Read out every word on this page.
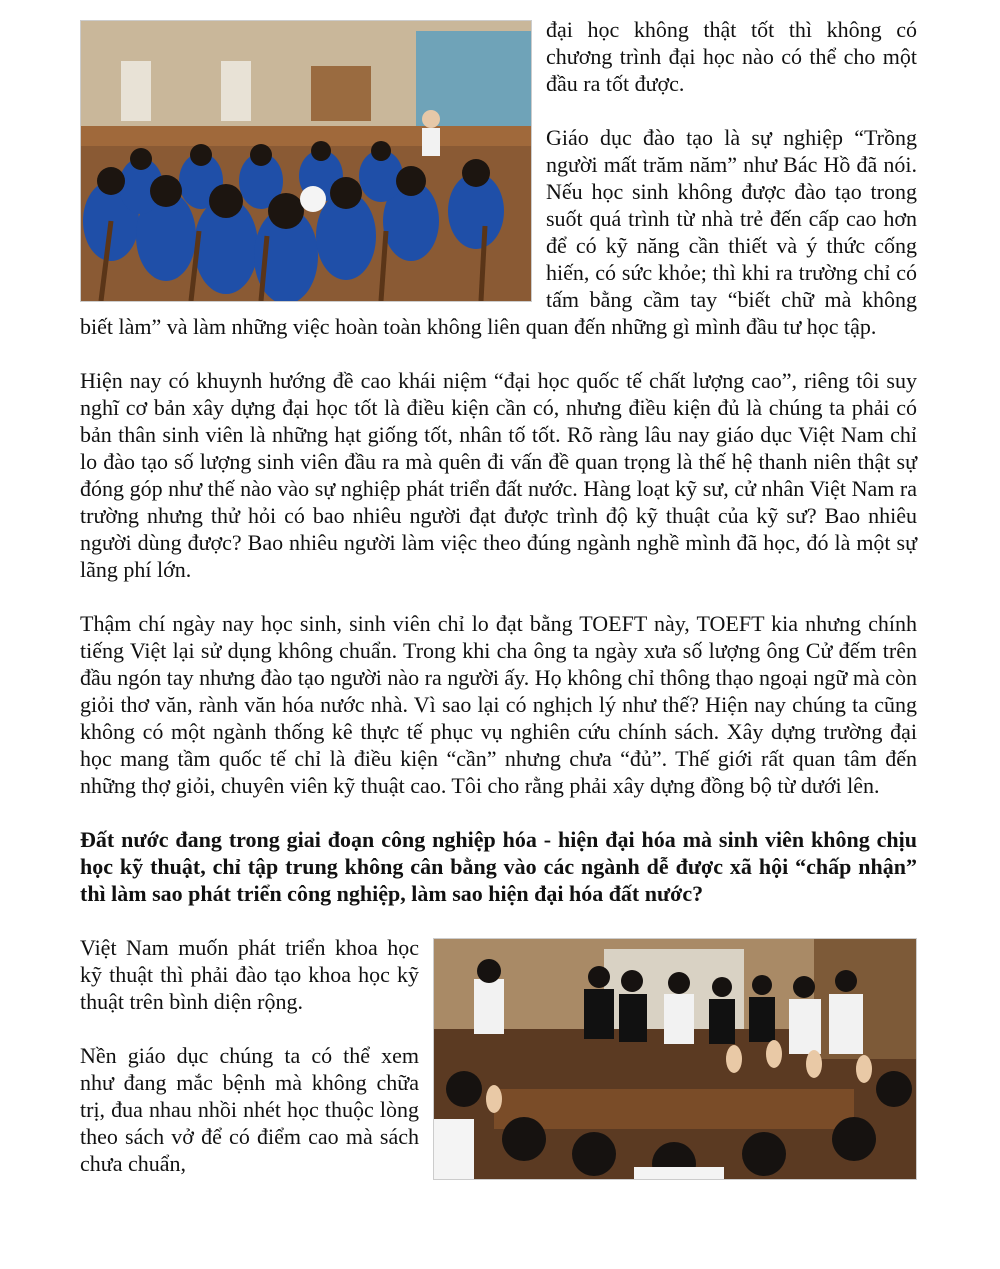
đại học không thật tốt thì không có chương trình đại học nào có thể cho một đầu ra tốt được.

Giáo dục đào tạo là sự nghiệp “Trồng người mất trăm năm” như Bác Hồ đã nói. Nếu học sinh không được đào tạo trong suốt quá trình từ nhà trẻ đến cấp cao hơn để có kỹ năng cần thiết và ý thức cống hiến, có sức khỏe; thì khi ra trường chỉ có tấm bằng cầm tay “biết chữ mà không biết làm” và làm những việc hoàn toàn không liên quan đến những gì mình đầu tư học tập.

Hiện nay có khuynh hướng đề cao khái niệm “đại học quốc tế chất lượng cao”, riêng tôi suy nghĩ cơ bản xây dựng đại học tốt là điều kiện cần có, nhưng điều kiện đủ là chúng ta phải có bản thân sinh viên là những hạt giống tốt, nhân tố tốt. Rõ ràng lâu nay giáo dục Việt Nam chỉ lo đào tạo số lượng sinh viên đầu ra mà quên đi vấn đề quan trọng là thế hệ thanh niên thật sự đóng góp như thế nào vào sự nghiệp phát triển đất nước. Hàng loạt kỹ sư, cử nhân Việt Nam ra trường nhưng thử hỏi có bao nhiêu người đạt được trình độ kỹ thuật của kỹ sư? Bao nhiêu người dùng được? Bao nhiêu người làm việc theo đúng ngành nghề mình đã học, đó là một sự lãng phí lớn.

Thậm chí ngày nay học sinh, sinh viên chỉ lo đạt bằng TOEFT này, TOEFT kia nhưng chính tiếng Việt lại sử dụng không chuẩn. Trong khi cha ông ta ngày xưa số lượng ông Cử đếm trên đầu ngón tay nhưng đào tạo người nào ra người ấy. Họ không chỉ thông thạo ngoại ngữ mà còn giỏi thơ văn, rành văn hóa nước nhà. Vì sao lại có nghịch lý như thế? Hiện nay chúng ta cũng không có một ngành thống kê thực tế phục vụ nghiên cứu chính sách. Xây dựng trường đại học mang tầm quốc tế chỉ là điều kiện “cần” nhưng chưa “đủ”. Thế giới rất quan tâm đến những thợ giỏi, chuyên viên kỹ thuật cao. Tôi cho rằng phải xây dựng đồng bộ từ dưới lên.

Đất nước đang trong giai đoạn công nghiệp hóa - hiện đại hóa mà sinh viên không chịu học kỹ thuật, chỉ tập trung không cân bằng vào các ngành dễ được xã hội “chấp nhận” thì làm sao phát triển công nghiệp, làm sao hiện đại hóa đất nước?

Việt Nam muốn phát triển khoa học kỹ thuật thì phải đào tạo khoa học kỹ thuật trên bình diện rộng.

Nền giáo dục chúng ta có thể xem như đang mắc bệnh mà không chữa trị, đua nhau nhồi nhét học thuộc lòng theo sách vở để có điểm cao mà sách chưa chuẩn,
